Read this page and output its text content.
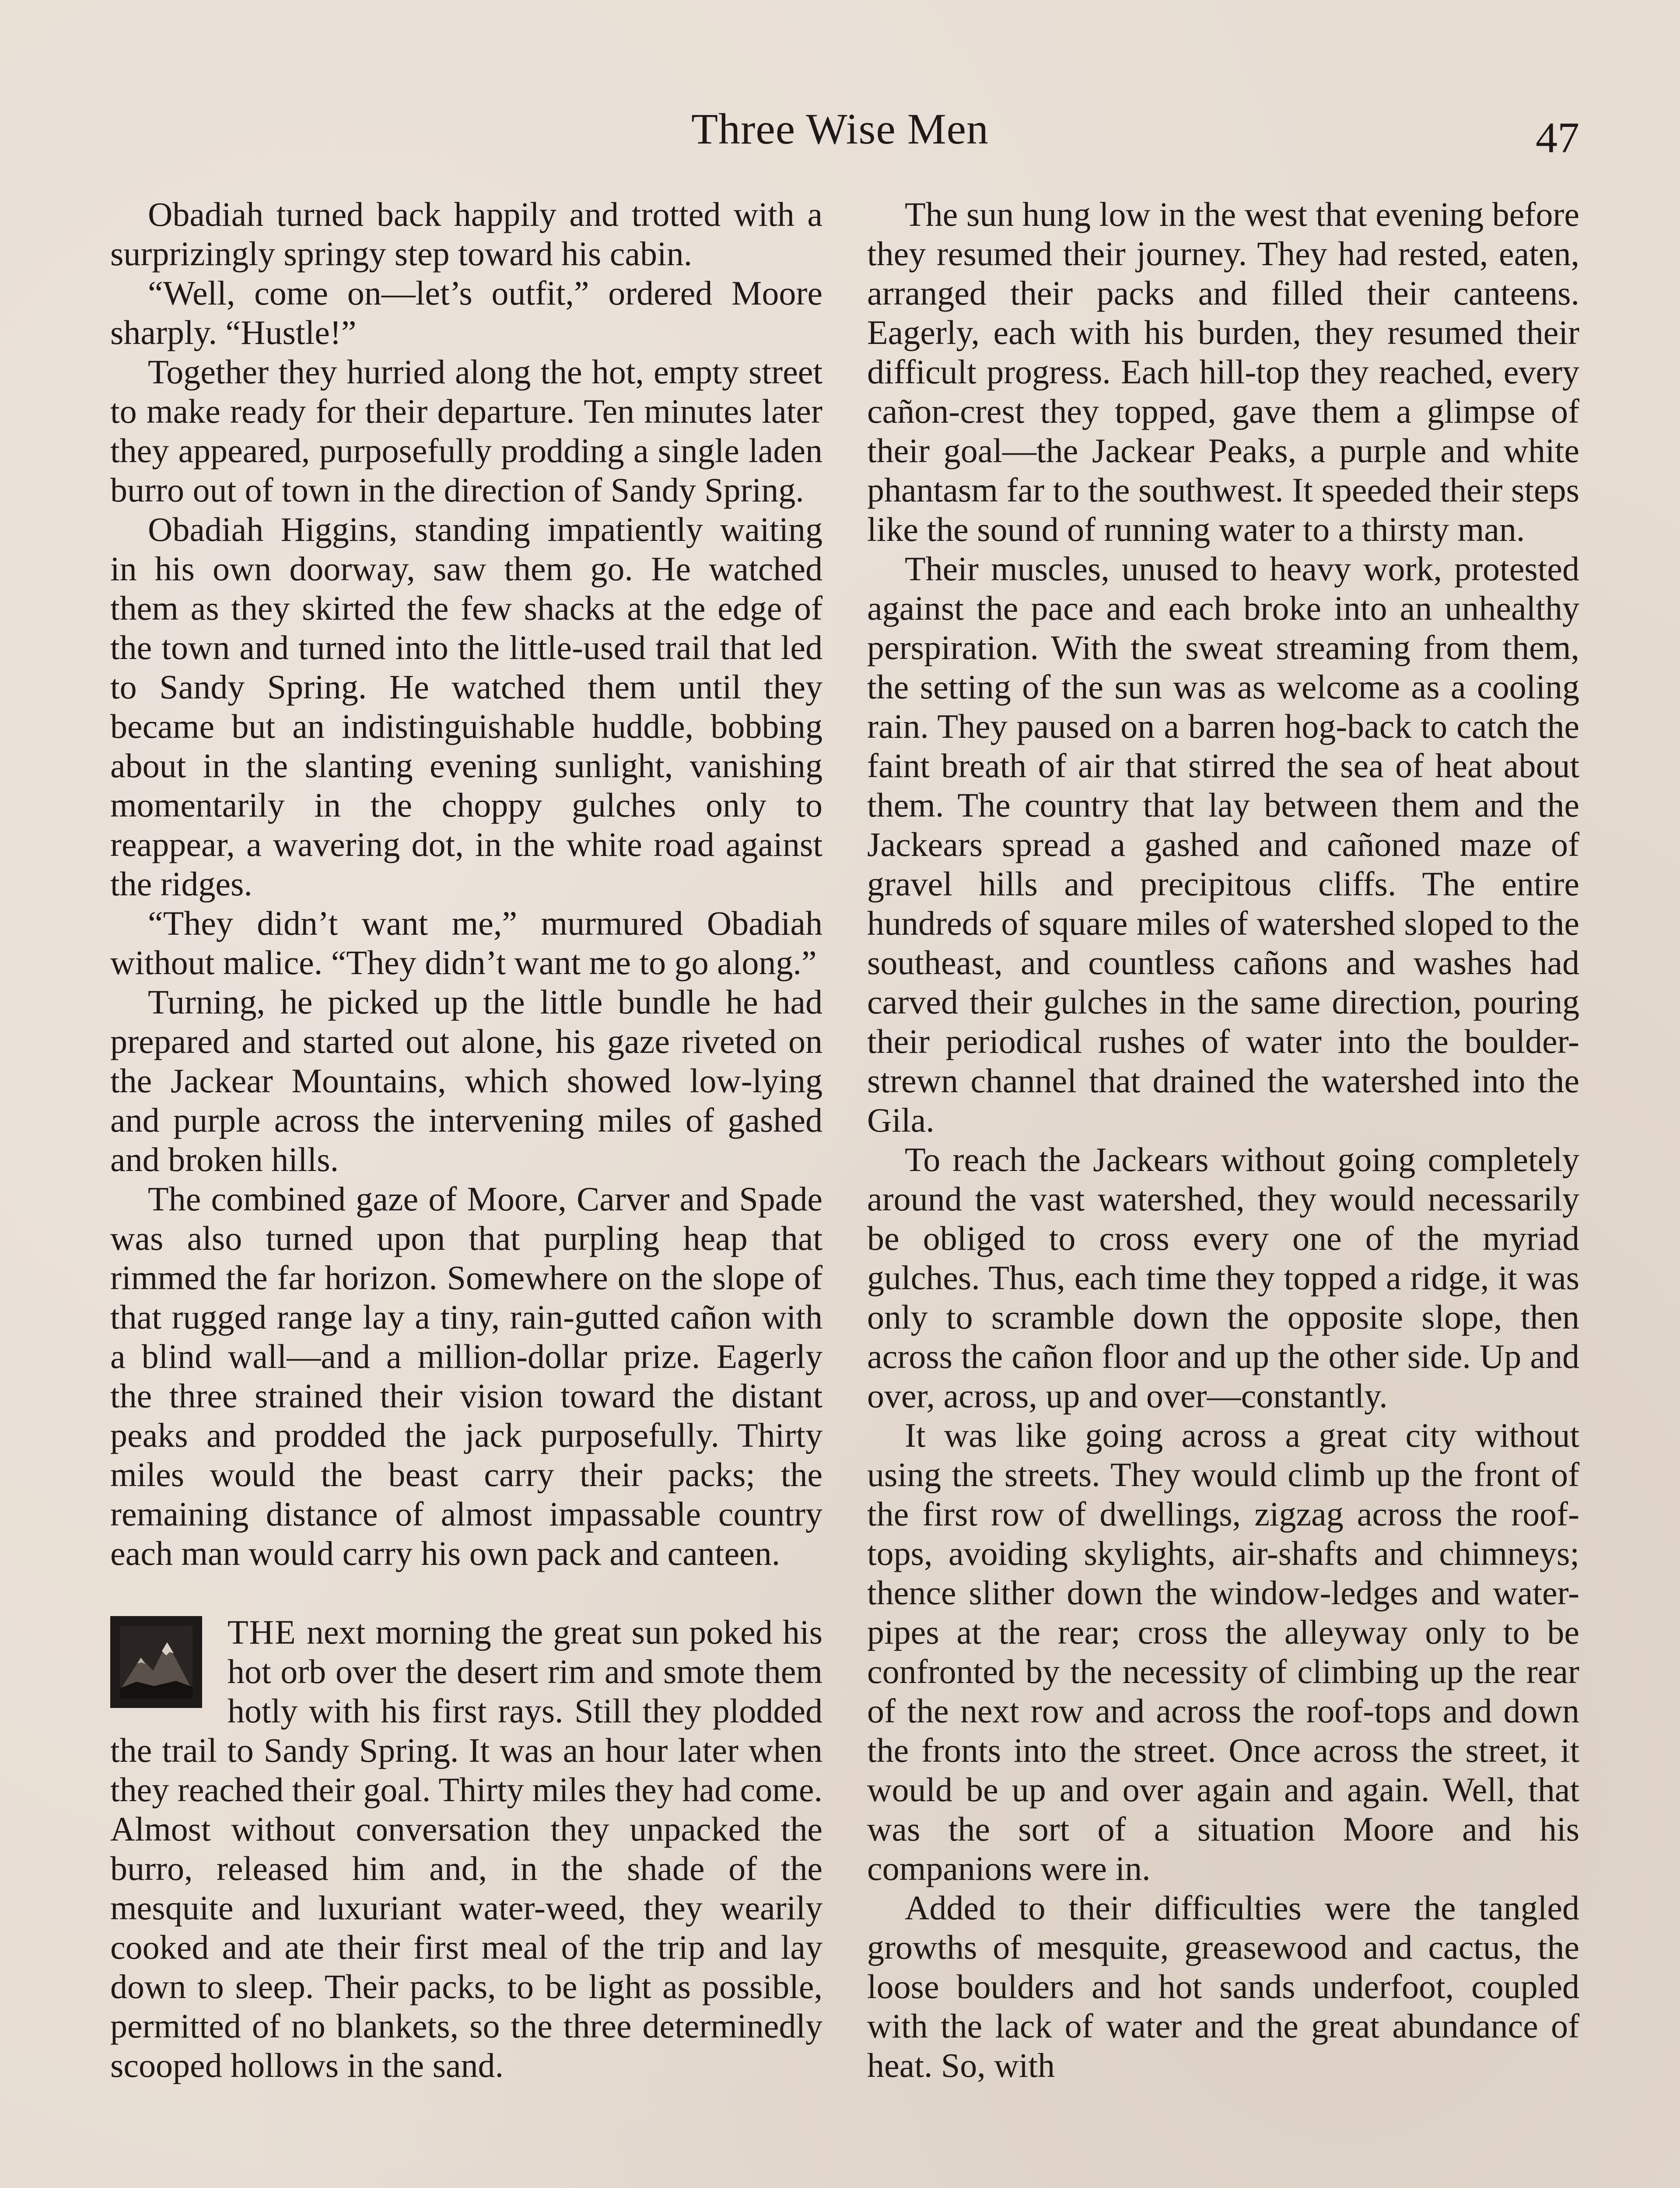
Three Wise Men	47

Obadiah turned back happily and trotted with a surprizingly springy step toward his cabin.

“Well, come on—let’s outfit,” ordered Moore sharply. “Hustle!”

Together they hurried along the hot, empty street to make ready for their departure. Ten minutes later they appeared, purposefully prodding a single laden burro out of town in the direction of Sandy Spring.

Obadiah Higgins, standing impatiently waiting in his own doorway, saw them go. He watched them as they skirted the few shacks at the edge of the town and turned into the little-used trail that led to Sandy Spring. He watched them until they became but an indistinguishable huddle, bobbing about in the slanting evening sunlight, vanishing momentarily in the choppy gulches only to reappear, a wavering dot, in the white road against the ridges.

“They didn’t want me,” murmured Obadiah without malice. “They didn’t want me to go along.”

Turning, he picked up the little bundle he had prepared and started out alone, his gaze riveted on the Jackear Mountains, which showed low-lying and purple across the intervening miles of gashed and broken hills.

The combined gaze of Moore, Carver and Spade was also turned upon that purpling heap that rimmed the far horizon. Somewhere on the slope of that rugged range lay a tiny, rain-gutted cañon with a blind wall—and a million-dollar prize. Eagerly the three strained their vision toward the distant peaks and prodded the jack purposefully. Thirty miles would the beast carry their packs; the remaining distance of almost impassable country each man would carry his own pack and canteen.

THE next morning the great sun poked his hot orb over the desert rim and smote them hotly with his first rays. Still they plodded the trail to Sandy Spring. It was an hour later when they reached their goal. Thirty miles they had come. Almost without conversation they unpacked the burro, released him and, in the shade of the mesquite and luxuriant water-weed, they wearily cooked and ate their first meal of the trip and lay down to sleep. Their packs, to be light as possible, permitted of no blankets, so the three determinedly scooped hollows in the sand.

The sun hung low in the west that evening before they resumed their journey. They had rested, eaten, arranged their packs and filled their canteens. Eagerly, each with his burden, they resumed their difficult progress. Each hill-top they reached, every cañon-crest they topped, gave them a glimpse of their goal—the Jackear Peaks, a purple and white phantasm far to the southwest. It speeded their steps like the sound of running water to a thirsty man.

Their muscles, unused to heavy work, protested against the pace and each broke into an unhealthy perspiration. With the sweat streaming from them, the setting of the sun was as welcome as a cooling rain. They paused on a barren hog-back to catch the faint breath of air that stirred the sea of heat about them. The country that lay between them and the Jackears spread a gashed and cañoned maze of gravel hills and precipitous cliffs. The entire hundreds of square miles of watershed sloped to the southeast, and countless cañons and washes had carved their gulches in the same direction, pouring their periodical rushes of water into the boulder-strewn channel that drained the watershed into the Gila.

To reach the Jackears without going completely around the vast watershed, they would necessarily be obliged to cross every one of the myriad gulches. Thus, each time they topped a ridge, it was only to scramble down the opposite slope, then across the cañon floor and up the other side. Up and over, across, up and over—constantly.

It was like going across a great city without using the streets. They would climb up the front of the first row of dwellings, zigzag across the roof-tops, avoiding skylights, air-shafts and chimneys; thence slither down the window-ledges and water-pipes at the rear; cross the alleyway only to be confronted by the necessity of climbing up the rear of the next row and across the roof-tops and down the fronts into the street. Once across the street, it would be up and over again and again. Well, that was the sort of a situation Moore and his companions were in.

Added to their difficulties were the tangled growths of mesquite, greasewood and cactus, the loose boulders and hot sands underfoot, coupled with the lack of water and the great abundance of heat. So, with
